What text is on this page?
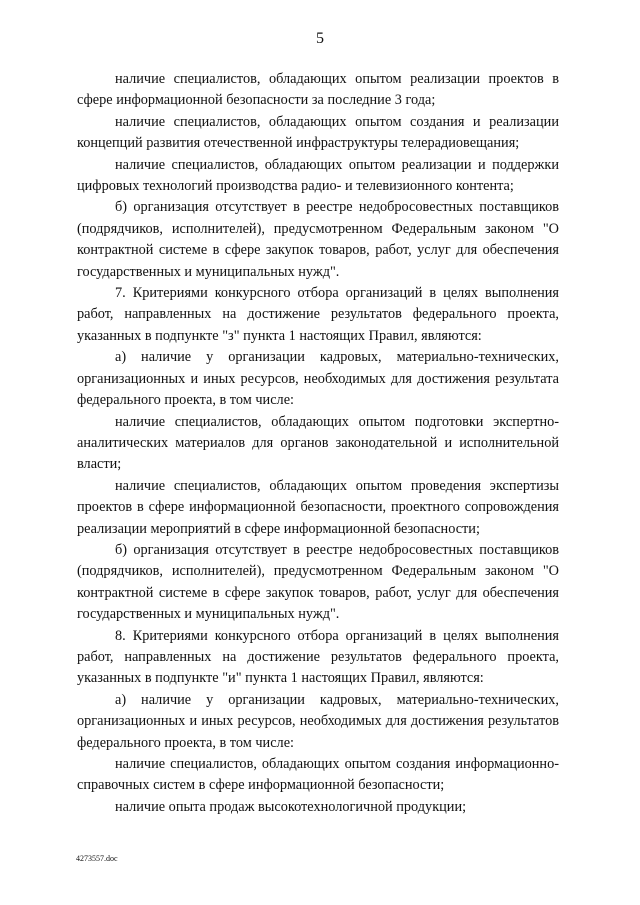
5

наличие специалистов, обладающих опытом реализации проектов в сфере информационной безопасности за последние 3 года;

наличие специалистов, обладающих опытом создания и реализации концепций развития отечественной инфраструктуры телерадиовещания;

наличие специалистов, обладающих опытом реализации и поддержки цифровых технологий производства радио- и телевизионного контента;

б) организация отсутствует в реестре недобросовестных поставщиков (подрядчиков, исполнителей), предусмотренном Федеральным законом "О контрактной системе в сфере закупок товаров, работ, услуг для обеспечения государственных и муниципальных нужд".

7. Критериями конкурсного отбора организаций в целях выполнения работ, направленных на достижение результатов федерального проекта, указанных в подпункте "з" пункта 1 настоящих Правил, являются:

а) наличие у организации кадровых, материально-технических, организационных и иных ресурсов, необходимых для достижения результата федерального проекта, в том числе:

наличие специалистов, обладающих опытом подготовки экспертно-аналитических материалов для органов законодательной и исполнительной власти;

наличие специалистов, обладающих опытом проведения экспертизы проектов в сфере информационной безопасности, проектного сопровождения реализации мероприятий в сфере информационной безопасности;

б) организация отсутствует в реестре недобросовестных поставщиков (подрядчиков, исполнителей), предусмотренном Федеральным законом "О контрактной системе в сфере закупок товаров, работ, услуг для обеспечения государственных и муниципальных нужд".

8. Критериями конкурсного отбора организаций в целях выполнения работ, направленных на достижение результатов федерального проекта, указанных в подпункте "и" пункта 1 настоящих Правил, являются:

а) наличие у организации кадровых, материально-технических, организационных и иных ресурсов, необходимых для достижения результатов федерального проекта, в том числе:

наличие специалистов, обладающих опытом создания информационно-справочных систем в сфере информационной безопасности;

наличие опыта продаж высокотехнологичной продукции;

4273557.doc
